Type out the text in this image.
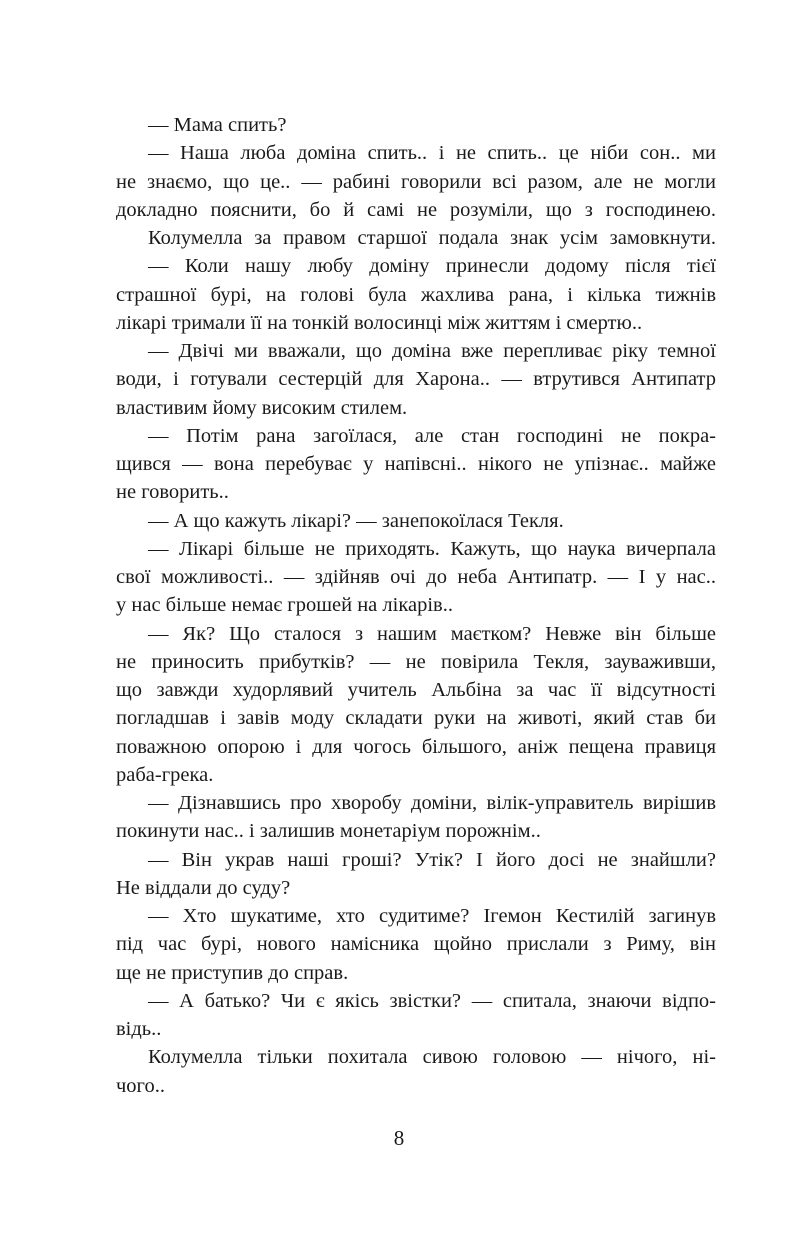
— Мама спить?
— Наша люба доміна спить.. і не спить.. це ніби сон.. ми
не знаємо, що це.. — рабині говорили всі разом, але не могли
докладно пояснити, бо й самі не розуміли, що з господинею.
Колумелла за правом старшої подала знак усім замовкнути.
— Коли нашу любу доміну принесли додому після тієї
страшної бурі, на голові була жахлива рана, і кілька тижнів
лікарі тримали її на тонкій волосинці між життям і смертю..
— Двічі ми вважали, що доміна вже перепливає ріку темної
води, і готували сестерцій для Харона.. — втрутився Антипатр
властивим йому високим стилем.
— Потім рана загоїлася, але стан господині не покра-
щився — вона перебуває у напівсні.. нікого не упізнає.. майже
не говорить..
— А що кажуть лікарі? — занепокоїлася Текля.
— Лікарі більше не приходять. Кажуть, що наука вичерпала
свої можливості.. — здійняв очі до неба Антипатр. — І у нас..
у нас більше немає грошей на лікарів..
— Як? Що сталося з нашим маєтком? Невже він більше
не приносить прибутків? — не повірила Текля, зауваживши,
що завжди худорлявий учитель Альбіна за час її відсутності
погладшав і завів моду складати руки на животі, який став би
поважною опорою і для чогось більшого, аніж пещена правиця
раба-грека.
— Дізнавшись про хворобу доміни, вілік-управитель вирішив
покинути нас.. і залишив монетаріум порожнім..
— Він украв наші гроші? Утік? І його досі не знайшли?
Не віддали до суду?
— Хто шукатиме, хто судитиме? Ігемон Кестилій загинув
під час бурі, нового намісника щойно прислали з Риму, він
ще не приступив до справ.
— А батько? Чи є якісь звістки? — спитала, знаючи відпо-
відь..
Колумелла тільки похитала сивою головою — нічого, ні-
чого..
8
